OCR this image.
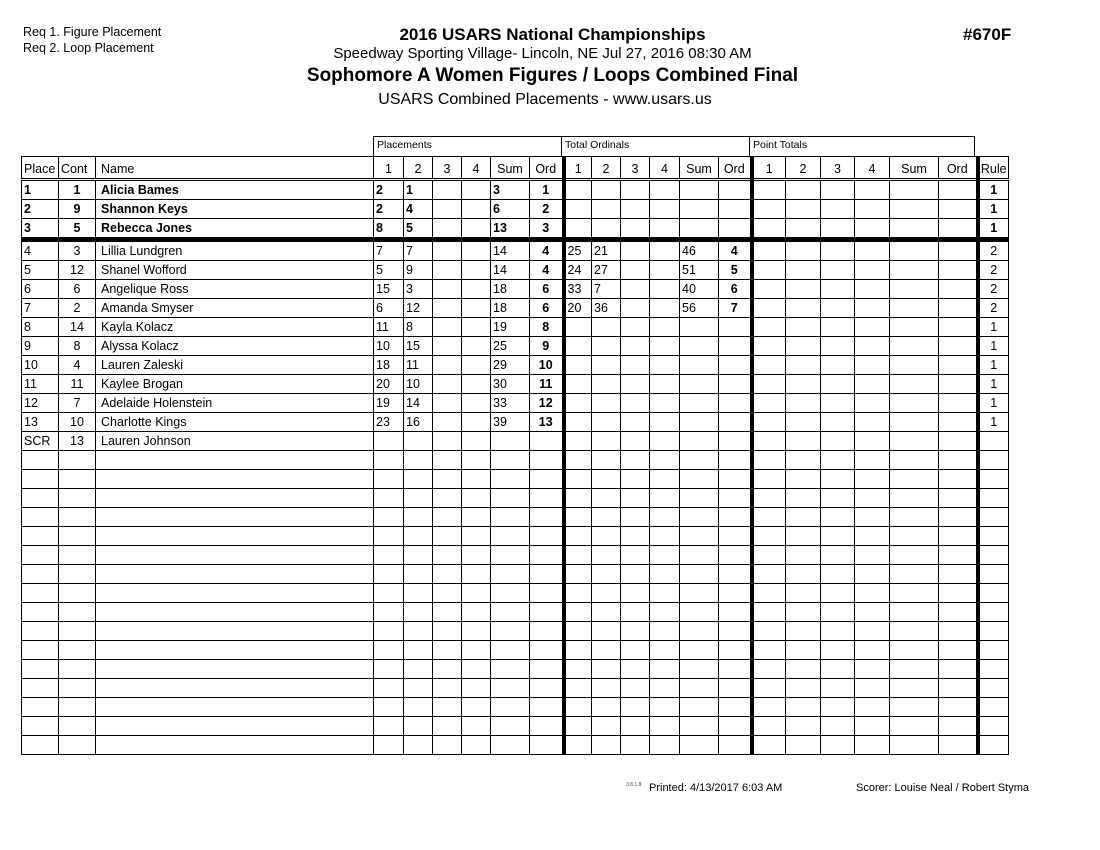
Req 1. Figure Placement
Req 2. Loop Placement
2016 USARS National Championships
Speedway Sporting Village- Lincoln, NE Jul 27, 2016 08:30 AM
Sophomore A Women Figures / Loops Combined Final
USARS Combined Placements - www.usars.us
#670F
Placements	Total Ordinals	Point Totals
Place	Cont	Name	1	2	3	4	Sum	Ord	1	2	3	4	Sum	Ord	1	2	3	4	Sum	Ord	Rule
1	1	Alicia Bames	2	1			3	1													1
2	9	Shannon Keys	2	4			6	2													1
3	5	Rebecca Jones	8	5			13	3													1
4	3	Lillia Lundgren	7	7			14	4	25	21			46	4							2
5	12	Shanel Wofford	5	9			14	4	24	27			51	5							2
6	6	Angelique Ross	15	3			18	6	33	7			40	6							2
7	2	Amanda Smyser	6	12			18	6	20	36			56	7							2
8	14	Kayla Kolacz	11	8			19	8													1
9	8	Alyssa Kolacz	10	15			25	9													1
10	4	Lauren Zaleski	18	11			29	10													1
11	11	Kaylee Brogan	20	10			30	11													1
12	7	Adelaide Holenstein	19	14			33	12													1
13	10	Charlotte Kings	23	16			39	13													1
SCR	13	Lauren Johnson																			

3.8.1.8 Printed: 4/13/2017 6:03 AM	Scorer: Louise Neal / Robert Styma
